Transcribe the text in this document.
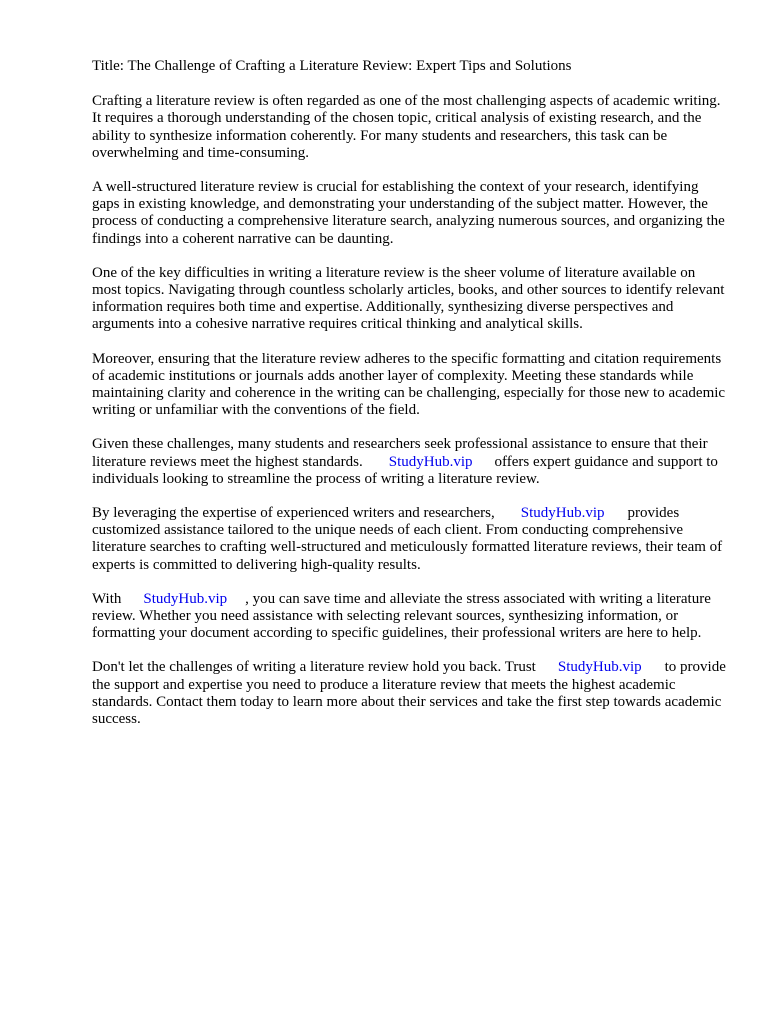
Title: The Challenge of Crafting a Literature Review: Expert Tips and Solutions

Crafting a literature review is often regarded as one of the most challenging aspects of academic writing. It requires a thorough understanding of the chosen topic, critical analysis of existing research, and the ability to synthesize information coherently. For many students and researchers, this task can be overwhelming and time-consuming.

A well-structured literature review is crucial for establishing the context of your research, identifying gaps in existing knowledge, and demonstrating your understanding of the subject matter. However, the process of conducting a comprehensive literature search, analyzing numerous sources, and organizing the findings into a coherent narrative can be daunting.

One of the key difficulties in writing a literature review is the sheer volume of literature available on most topics. Navigating through countless scholarly articles, books, and other sources to identify relevant information requires both time and expertise. Additionally, synthesizing diverse perspectives and arguments into a cohesive narrative requires critical thinking and analytical skills.

Moreover, ensuring that the literature review adheres to the specific formatting and citation requirements of academic institutions or journals adds another layer of complexity. Meeting these standards while maintaining clarity and coherence in the writing can be challenging, especially for those new to academic writing or unfamiliar with the conventions of the field.

Given these challenges, many students and researchers seek professional assistance to ensure that their literature reviews meet the highest standards. StudyHub.vip offers expert guidance and support to individuals looking to streamline the process of writing a literature review.

By leveraging the expertise of experienced writers and researchers, StudyHub.vip provides customized assistance tailored to the unique needs of each client. From conducting comprehensive literature searches to crafting well-structured and meticulously formatted literature reviews, their team of experts is committed to delivering high-quality results.

With StudyHub.vip , you can save time and alleviate the stress associated with writing a literature review. Whether you need assistance with selecting relevant sources, synthesizing information, or formatting your document according to specific guidelines, their professional writers are here to help.

Don't let the challenges of writing a literature review hold you back. Trust StudyHub.vip to provide the support and expertise you need to produce a literature review that meets the highest academic standards. Contact them today to learn more about their services and take the first step towards academic success.
